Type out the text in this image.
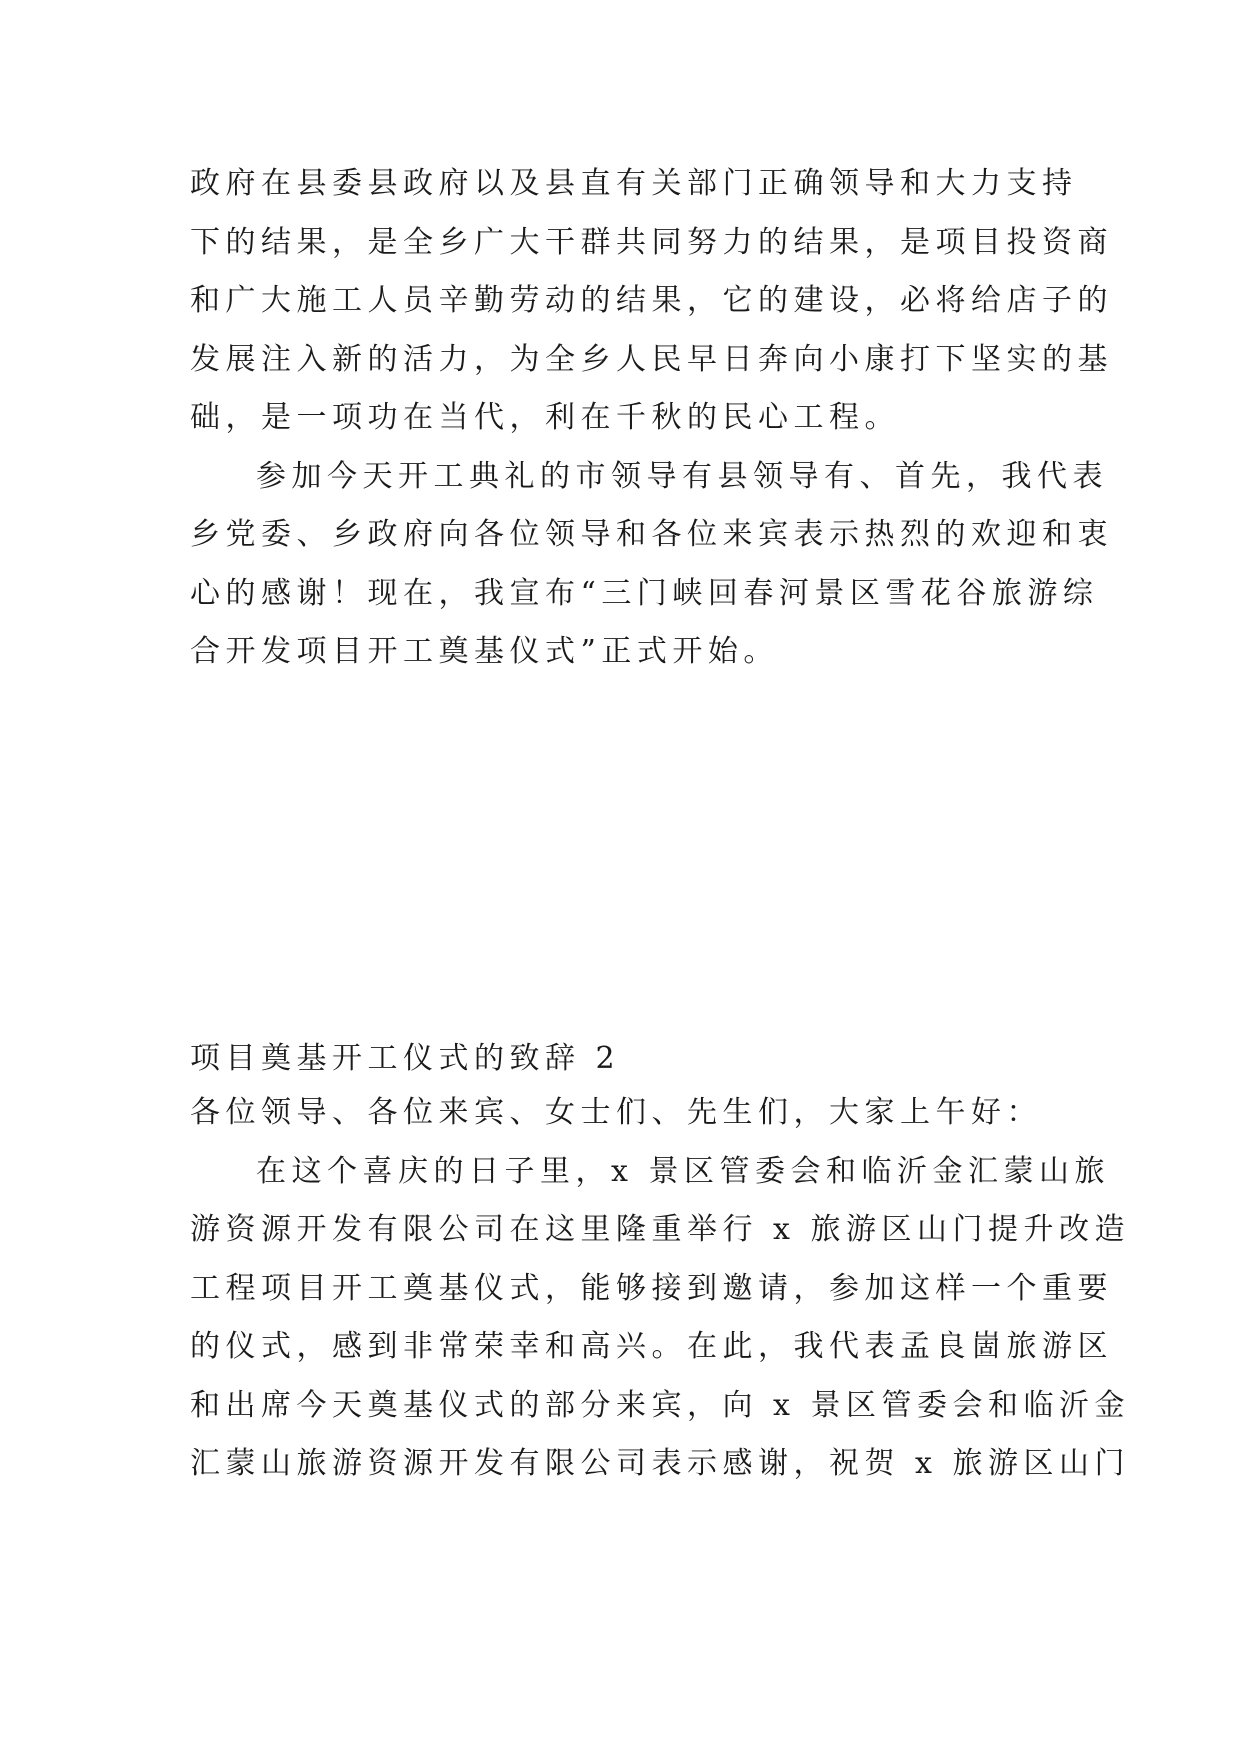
政府在县委县政府以及县直有关部门正确领导和大力支持
下的结果，是全乡广大干群共同努力的结果，是项目投资商
和广大施工人员辛勤劳动的结果，它的建设，必将给店子的
发展注入新的活力，为全乡人民早日奔向小康打下坚实的基
础，是一项功在当代，利在千秋的民心工程。
参加今天开工典礼的市领导有县领导有、首先，我代表
乡党委、乡政府向各位领导和各位来宾表示热烈的欢迎和衷
心的感谢！现在，我宣布“三门峡回春河景区雪花谷旅游综
合开发项目开工奠基仪式”正式开始。
项目奠基开工仪式的致辞 2
各位领导、各位来宾、女士们、先生们，大家上午好：
在这个喜庆的日子里，x 景区管委会和临沂金汇蒙山旅
游资源开发有限公司在这里隆重举行 x 旅游区山门提升改造
工程项目开工奠基仪式，能够接到邀请，参加这样一个重要
的仪式，感到非常荣幸和高兴。在此，我代表孟良崮旅游区
和出席今天奠基仪式的部分来宾，向 x 景区管委会和临沂金
汇蒙山旅游资源开发有限公司表示感谢，祝贺 x 旅游区山门
